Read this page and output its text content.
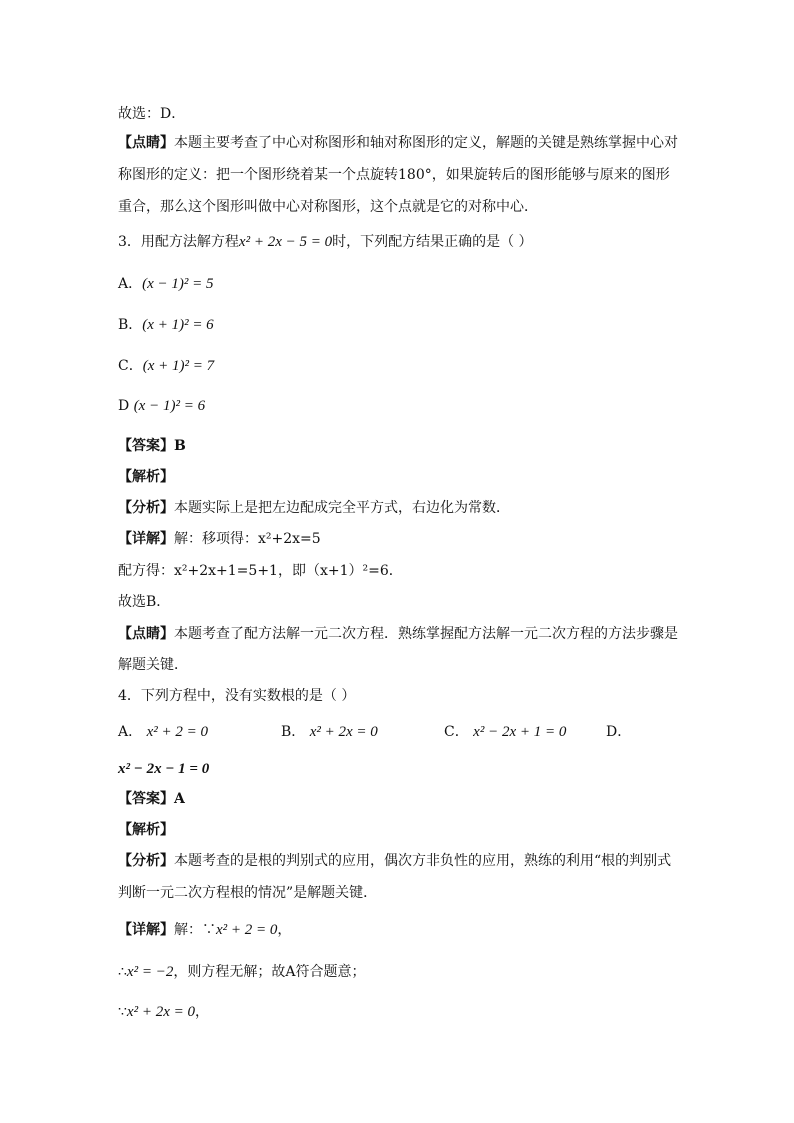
故选：D．
【点睛】本题主要考查了中心对称图形和轴对称图形的定义，解题的关键是熟练掌握中心对
称图形的定义：把一个图形绕着某一个点旋转180°，如果旋转后的图形能够与原来的图形
重合，那么这个图形叫做中心对称图形，这个点就是它的对称中心．
3．用配方法解方程x² + 2x − 5 = 0时，下列配方结果正确的是（ ）
A．(x − 1)² = 5
B．(x + 1)² = 6
C．(x + 1)² = 7
D (x − 1)² = 6
【答案】B
【解析】
【分析】本题实际上是把左边配成完全平方式，右边化为常数．
【详解】解：移项得：x²+2x=5
配方得：x²+2x+1=5+1，即（x+1）²=6．
故选B．
【点睛】本题考查了配方法解一元二次方程．熟练掌握配方法解一元二次方程的方法步骤是
解题关键．
4．下列方程中，没有实数根的是（ ）
A． x² + 2 = 0	B． x² + 2x = 0	C． x² − 2x + 1 = 0	D．
x² − 2x − 1 = 0
【答案】A
【解析】
【分析】本题考查的是根的判别式的应用，偶次方非负性的应用，熟练的利用“根的判别式
判断一元二次方程根的情况”是解题关键．
【详解】解：∵x² + 2 = 0，
∴x² = −2，则方程无解；故A符合题意；
∵x² + 2x = 0，
